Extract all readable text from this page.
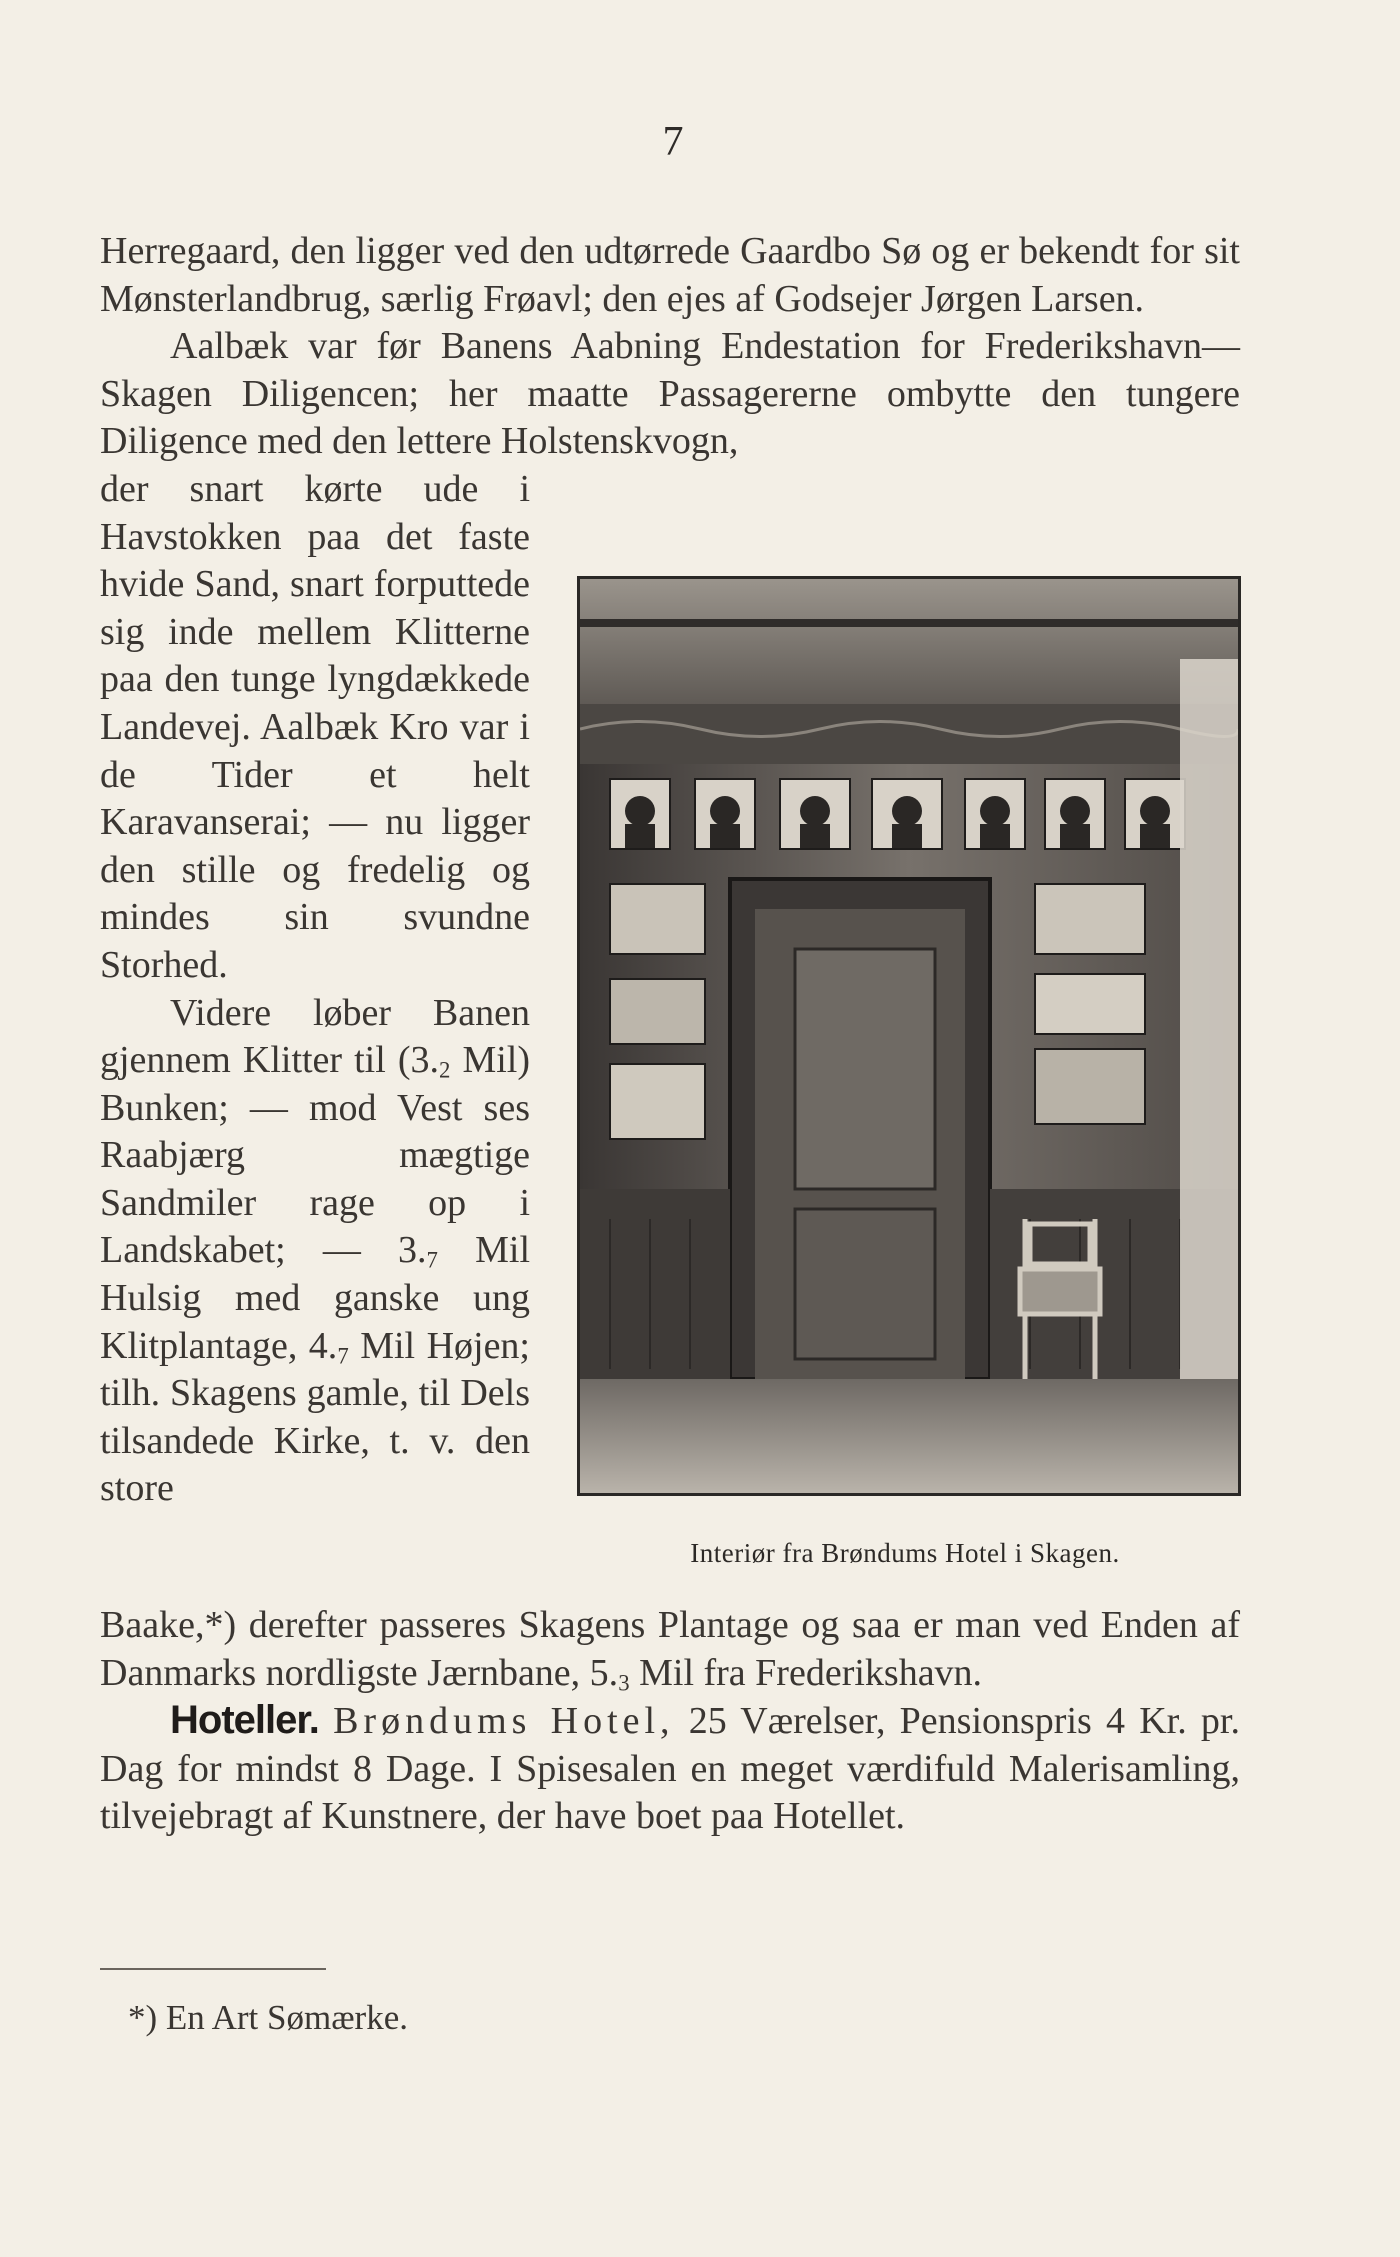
7

Herregaard, den ligger ved den udtørrede Gaardbo Sø og er bekendt for sit Mønsterlandbrug, særlig Frøavl; den ejes af Godsejer Jørgen Larsen.

Aalbæk var før Banens Aabning Endestation for Frederikshavn—Skagen Diligencen; her maatte Passagererne ombytte den tungere Diligence med den lettere Holstenskvogn,

der snart kørte ude i Havstokken paa det faste hvide Sand, snart forputtede sig inde mellem Klitterne paa den tunge lyngdækkede Landevej. Aalbæk Kro var i de Tider et helt Karavanserai; — nu ligger den stille og fredelig og mindes sin svundne Storhed.

Videre løber Banen gjennem Klitter til ($3._2$ Mil) Bunken; — mod Vest ses Raabjærg mægtige Sandmiler rage op i Landskabet; — $3._7$ Mil Hulsig med ganske ung Klitplantage, $4._7$ Mil Højen; tilh. Skagens gamle, til Dels tilsandede Kirke, t. v. den store

Interiør fra Brøndums Hotel i Skagen.

Baake,*) derefter passeres Skagens Plantage og saa er man ved Enden af Danmarks nordligste Jærnbane, $5._3$ Mil fra Frederikshavn.

Hoteller. Brøndums Hotel, 25 Værelser, Pensionspris 4 Kr. pr. Dag for mindst 8 Dage. I Spisesalen en meget værdifuld Malerisamling, tilvejebragt af Kunstnere, der have boet paa Hotellet.

*) En Art Sømærke.
